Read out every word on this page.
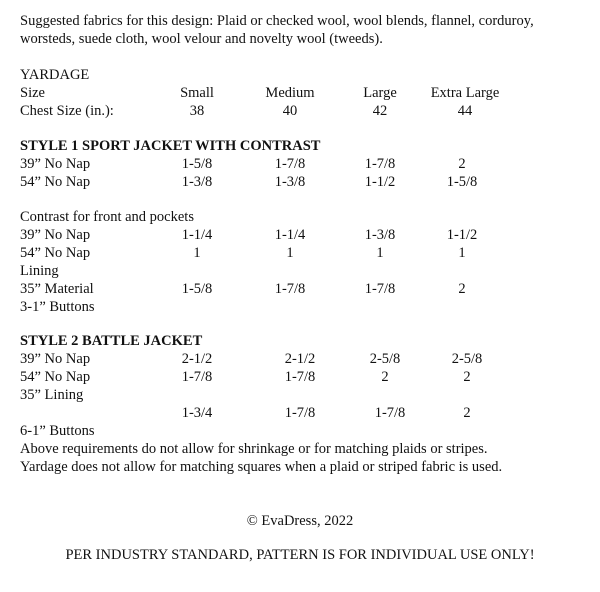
Suggested fabrics for this design: Plaid or checked wool, wool blends, flannel, corduroy,
worsteds, suede cloth, wool velour and novelty wool (tweeds).
YARDAGE
Size	Small	Medium	Large	Extra Large
Chest Size (in.):	38	40	42	44
STYLE 1 SPORT JACKET WITH CONTRAST
39” No Nap	1-5/8	1-7/8	1-7/8	2
54” No Nap	1-3/8	1-3/8	1-1/2	1-5/8
Contrast for front and pockets
39” No Nap	1-1/4	1-1/4	1-3/8	1-1/2
54” No Nap	1	1	1	1
Lining
35” Material	1-5/8	1-7/8	1-7/8	2
3-1” Buttons
STYLE 2 BATTLE JACKET
39” No Nap	2-1/2	2-1/2	2-5/8	2-5/8
54” No Nap	1-7/8	1-7/8	2	2
35” Lining
1-3/4	1-7/8	1-7/8	2
6-1” Buttons
Above requirements do not allow for shrinkage or for matching plaids or stripes.
Yardage does not allow for matching squares when a plaid or striped fabric is used.
© EvaDress, 2022
PER INDUSTRY STANDARD, PATTERN IS FOR INDIVIDUAL USE ONLY!
